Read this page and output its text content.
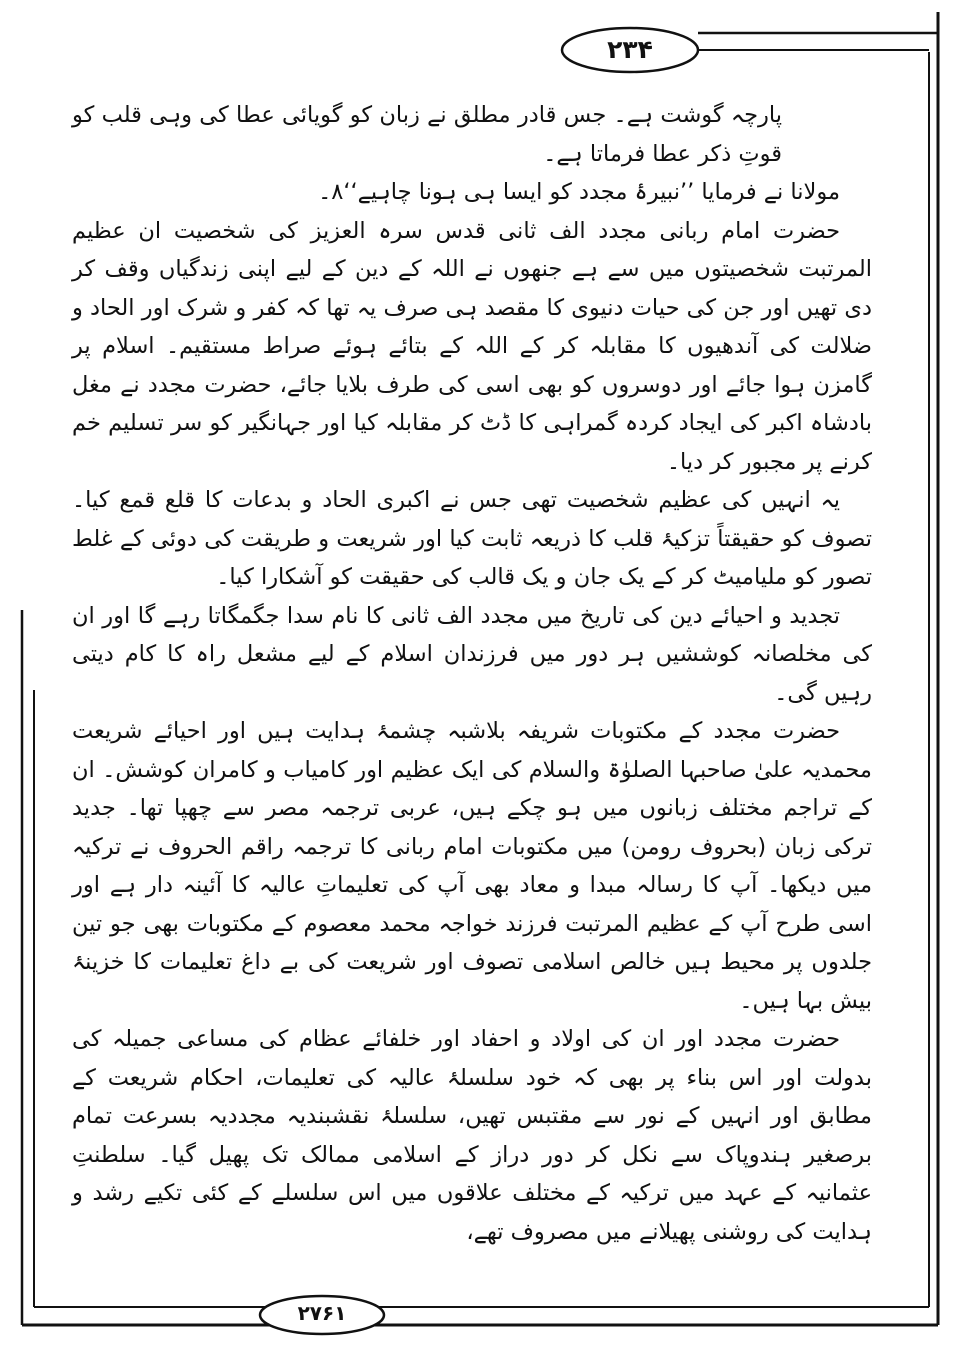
۲۳۴
۲۷۶۱

پارچہ گوشت ہے۔ جس قادر مطلق نے زبان کو گویائی عطا کی وہی قلب کو قوتِ ذکر عطا فرماتا ہے۔

مولانا نے فرمایا ’’نبیرۂ مجدد کو ایسا ہی ہونا چاہیے‘‘۸۔

حضرت امام ربانی مجدد الف ثانی قدس سرہ العزیز کی شخصیت ان عظیم المرتبت شخصیتوں میں سے ہے جنھوں نے اللہ کے دین کے لیے اپنی زندگیاں وقف کر دی تھیں اور جن کی حیات دنیوی کا مقصد ہی صرف یہ تھا کہ کفر و شرک اور الحاد و ضلالت کی آندھیوں کا مقابلہ کر کے اللہ کے بتائے ہوئے صراط مستقیم۔ اسلام پر گامزن ہوا جائے اور دوسروں کو بھی اسی کی طرف بلایا جائے، حضرت مجدد نے مغل بادشاہ اکبر کی ایجاد کردہ گمراہی کا ڈٹ کر مقابلہ کیا اور جہانگیر کو سر تسلیم خم کرنے پر مجبور کر دیا۔

یہ انہیں کی عظیم شخصیت تھی جس نے اکبری الحاد و بدعات کا قلع قمع کیا۔ تصوف کو حقیقتاً تزکیۂ قلب کا ذریعہ ثابت کیا اور شریعت و طریقت کی دوئی کے غلط تصور کو ملیامیٹ کر کے یک جان و یک قالب کی حقیقت کو آشکارا کیا۔

تجدید و احیائے دین کی تاریخ میں مجدد الف ثانی کا نام سدا جگمگاتا رہے گا اور ان کی مخلصانہ کوششیں ہر دور میں فرزندان اسلام کے لیے مشعل راہ کا کام دیتی رہیں گی۔

حضرت مجدد کے مکتوبات شریفہ بلاشبہ چشمۂ ہدایت ہیں اور احیائے شریعت محمدیہ علیٰ صاحبہا الصلوٰۃ والسلام کی ایک عظیم اور کامیاب و کامران کوشش۔ ان کے تراجم مختلف زبانوں میں ہو چکے ہیں، عربی ترجمہ مصر سے چھپا تھا۔ جدید ترکی زبان (بحروف رومن) میں مکتوبات امام ربانی کا ترجمہ راقم الحروف نے ترکیہ میں دیکھا۔ آپ کا رسالہ مبدا و معاد بھی آپ کی تعلیماتِ عالیہ کا آئینہ دار ہے اور اسی طرح آپ کے عظیم المرتبت فرزند خواجہ محمد معصوم کے مکتوبات بھی جو تین جلدوں پر محیط ہیں خالص اسلامی تصوف اور شریعت کی بے داغ تعلیمات کا خزینۂ بیش بہا ہیں۔

حضرت مجدد اور ان کی اولاد و احفاد اور خلفائے عظام کی مساعی جمیلہ کی بدولت اور اس بناء پر بھی کہ خود سلسلۂ عالیہ کی تعلیمات، احکام شریعت کے مطابق اور انہیں کے نور سے مقتبس تھیں، سلسلۂ نقشبندیہ مجددیہ بسرعت تمام برصغیر ہندوپاک سے نکل کر دور دراز کے اسلامی ممالک تک پھیل گیا۔ سلطنتِ عثمانیہ کے عہد میں ترکیہ کے مختلف علاقوں میں اس سلسلے کے کئی تکیے رشد و ہدایت کی روشنی پھیلانے میں مصروف تھے،
